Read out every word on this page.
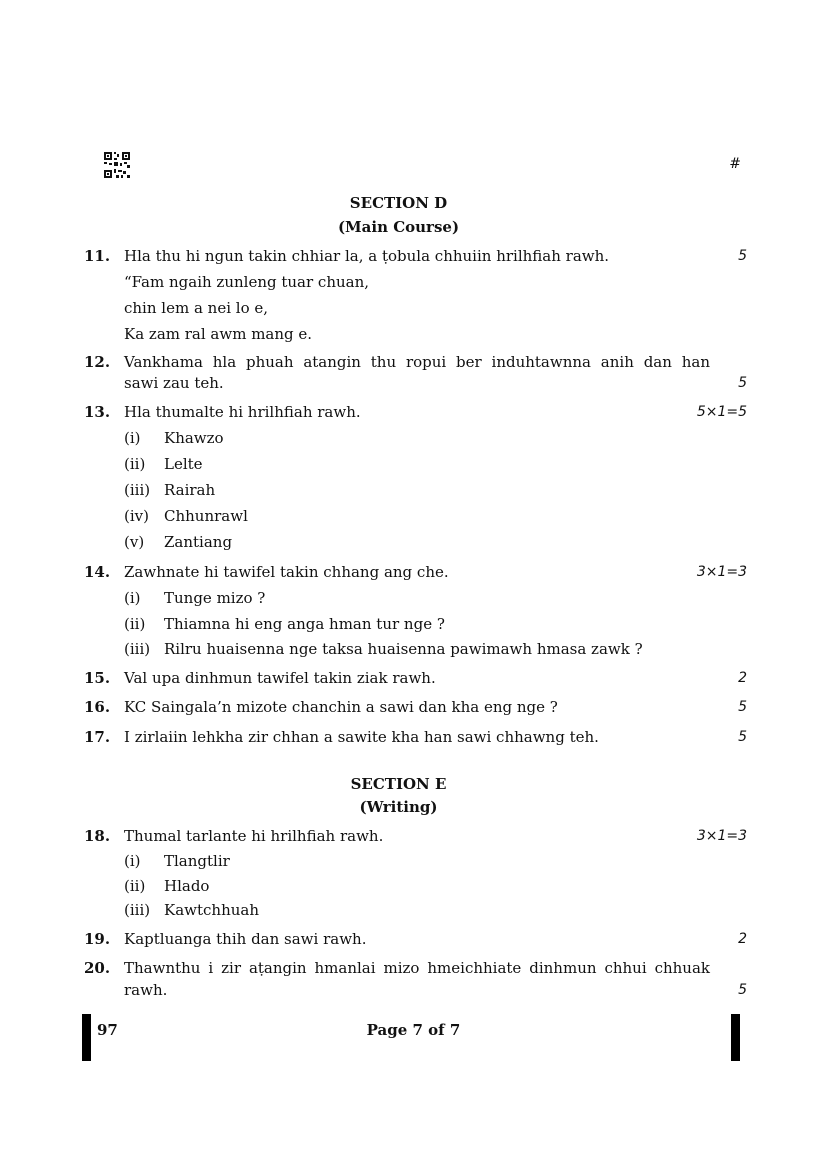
#
SECTION D
(Main Course)
11. Hla thu hi ngun takin chhiar la, a ṭobula chhuiin hrilhfiah rawh.	5
“Fam ngaih zunleng tuar chuan,
chin lem a nei lo e,
Ka zam ral awm mang e.
12. Vankhama hla phuah atangin thu ropui ber induhtawnna anih dan han
sawi zau teh.	5
13. Hla thumalte hi hrilhfiah rawh.	5×1=5
(i) Khawzo
(ii) Lelte
(iii) Rairah
(iv) Chhunrawl
(v) Zantiang
14. Zawhnate hi tawifel takin chhang ang che.	3×1=3
(i) Tunge mizo ?
(ii) Thiamna hi eng anga hman tur nge ?
(iii) Rilru huaisenna nge taksa huaisenna pawimawh hmasa zawk ?
15. Val upa dinhmun tawifel takin ziak rawh.	2
16. KC Saingala’n mizote chanchin a sawi dan kha eng nge ?	5
17. I zirlaiin lehkha zir chhan a sawite kha han sawi chhawng teh.	5
SECTION E
(Writing)
18. Thumal tarlante hi hrilhfiah rawh.	3×1=3
(i) Tlangtlir
(ii) Hlado
(iii) Kawtchhuah
19. Kaptluanga thih dan sawi rawh.	2
20. Thawnthu i zir aṭangin hmanlai mizo hmeichhiate dinhmun chhui chhuak
rawh.	5
97	Page 7 of 7
